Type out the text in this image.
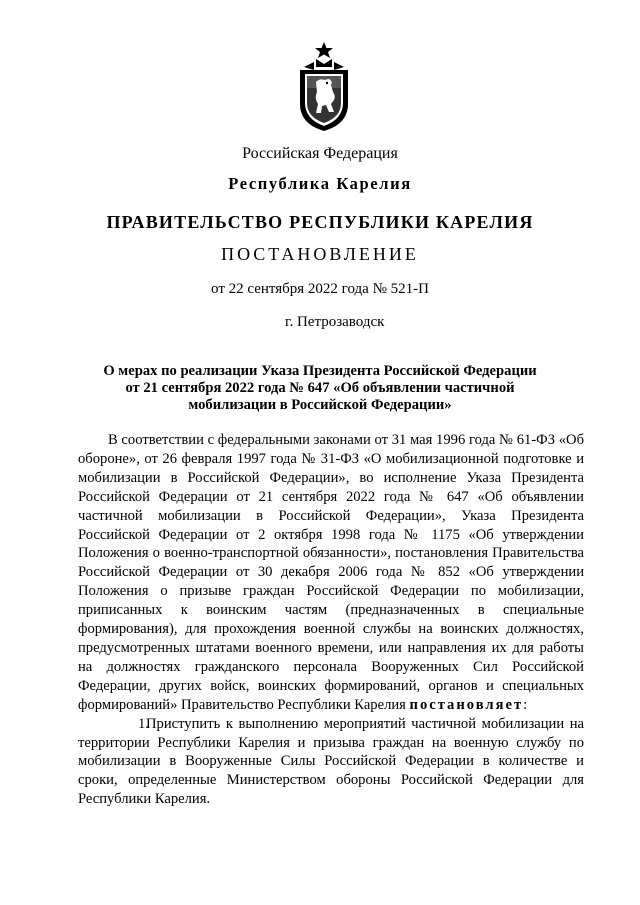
Российская Федерация
Республика Карелия
ПРАВИТЕЛЬСТВО РЕСПУБЛИКИ КАРЕЛИЯ
ПОСТАНОВЛЕНИЕ
от 22 сентября 2022 года № 521-П
г. Петрозаводск
О мерах по реализации Указа Президента Российской Федерации
от 21 сентября 2022 года № 647 «Об объявлении частичной
мобилизации в Российской Федерации»

В соответствии с федеральными законами от 31 мая 1996 года № 61-ФЗ «Об обороне», от 26 февраля 1997 года № 31-ФЗ «О мобилизационной подготовке и мобилизации в Российской Федерации», во исполнение Указа Президента Российской Федерации от 21 сентября 2022 года № 647 «Об объявлении частичной мобилизации в Российской Федерации», Указа Президента Российской Федерации от 2 октября 1998 года № 1175 «Об утверждении Положения о военно-транспортной обязанности», постановления Правительства Российской Федерации от 30 декабря 2006 года № 852 «Об утверждении Положения о призыве граждан Российской Федерации по мобилизации, приписанных к воинским частям (предназначенных в специальные формирования), для прохождения военной службы на воинских должностях, предусмотренных штатами военного времени, или направления их для работы на должностях гражданского персонала Вооруженных Сил Российской Федерации, других войск, воинских формирований, органов и специальных формирований» Правительство Республики Карелия постановляет:

1.Приступить к выполнению мероприятий частичной мобилизации на территории Республики Карелия и призыва граждан на военную службу по мобилизации в Вооруженные Силы Российской Федерации в количестве и сроки, определенные Министерством обороны Российской Федерации для Республики Карелия.
